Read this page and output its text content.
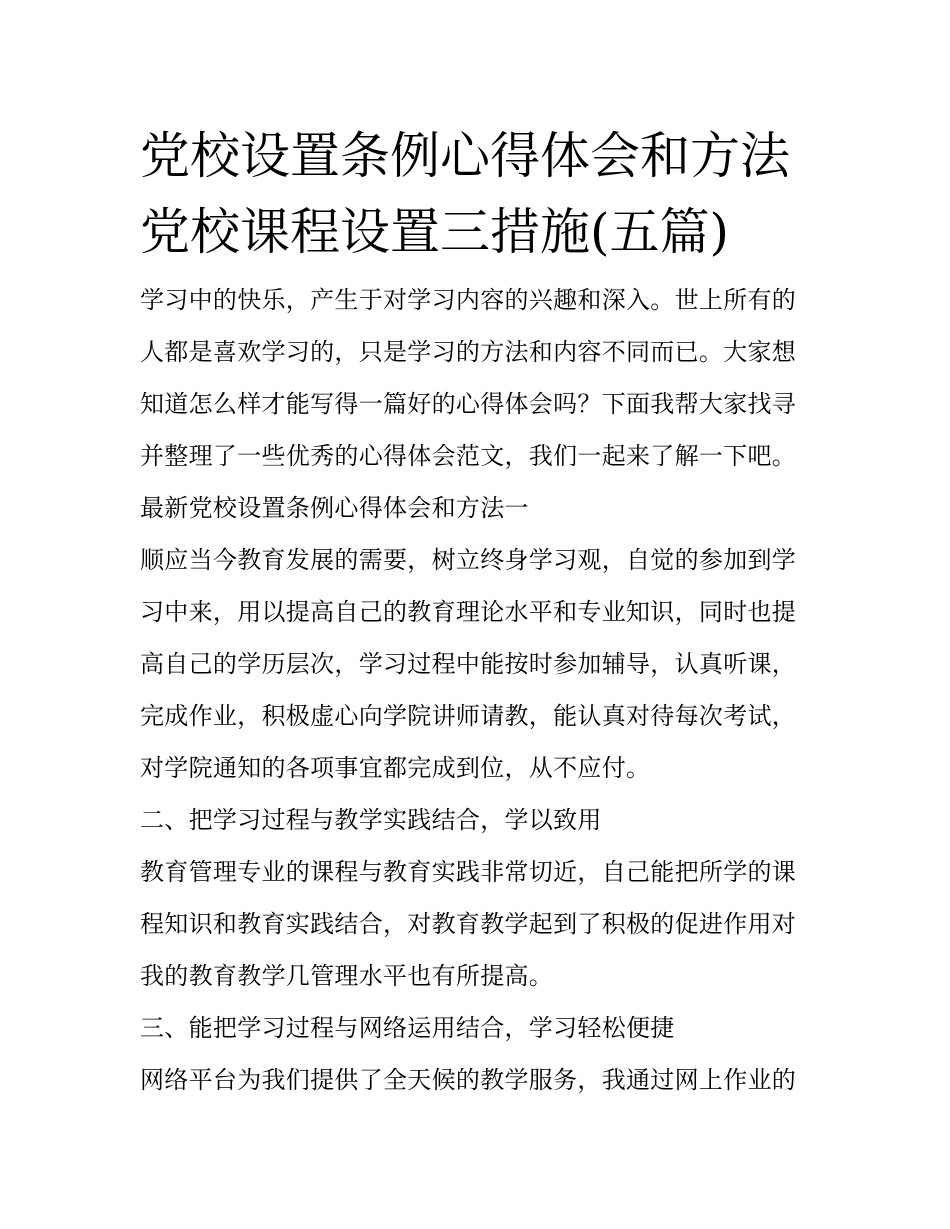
党校设置条例心得体会和方法

党校课程设置三措施(五篇)

学习中的快乐，产生于对学习内容的兴趣和深入。世上所有的

人都是喜欢学习的，只是学习的方法和内容不同而已。大家想

知道怎么样才能写得一篇好的心得体会吗？下面我帮大家找寻

并整理了一些优秀的心得体会范文，我们一起来了解一下吧。

最新党校设置条例心得体会和方法一

顺应当今教育发展的需要，树立终身学习观，自觉的参加到学

习中来，用以提高自己的教育理论水平和专业知识，同时也提

高自己的学历层次，学习过程中能按时参加辅导，认真听课，

完成作业，积极虚心向学院讲师请教，能认真对待每次考试，

对学院通知的各项事宜都完成到位，从不应付。

二、把学习过程与教学实践结合，学以致用

教育管理专业的课程与教育实践非常切近，自己能把所学的课

程知识和教育实践结合，对教育教学起到了积极的促进作用对

我的教育教学几管理水平也有所提高。

三、能把学习过程与网络运用结合，学习轻松便捷

网络平台为我们提供了全天候的教学服务，我通过网上作业的
